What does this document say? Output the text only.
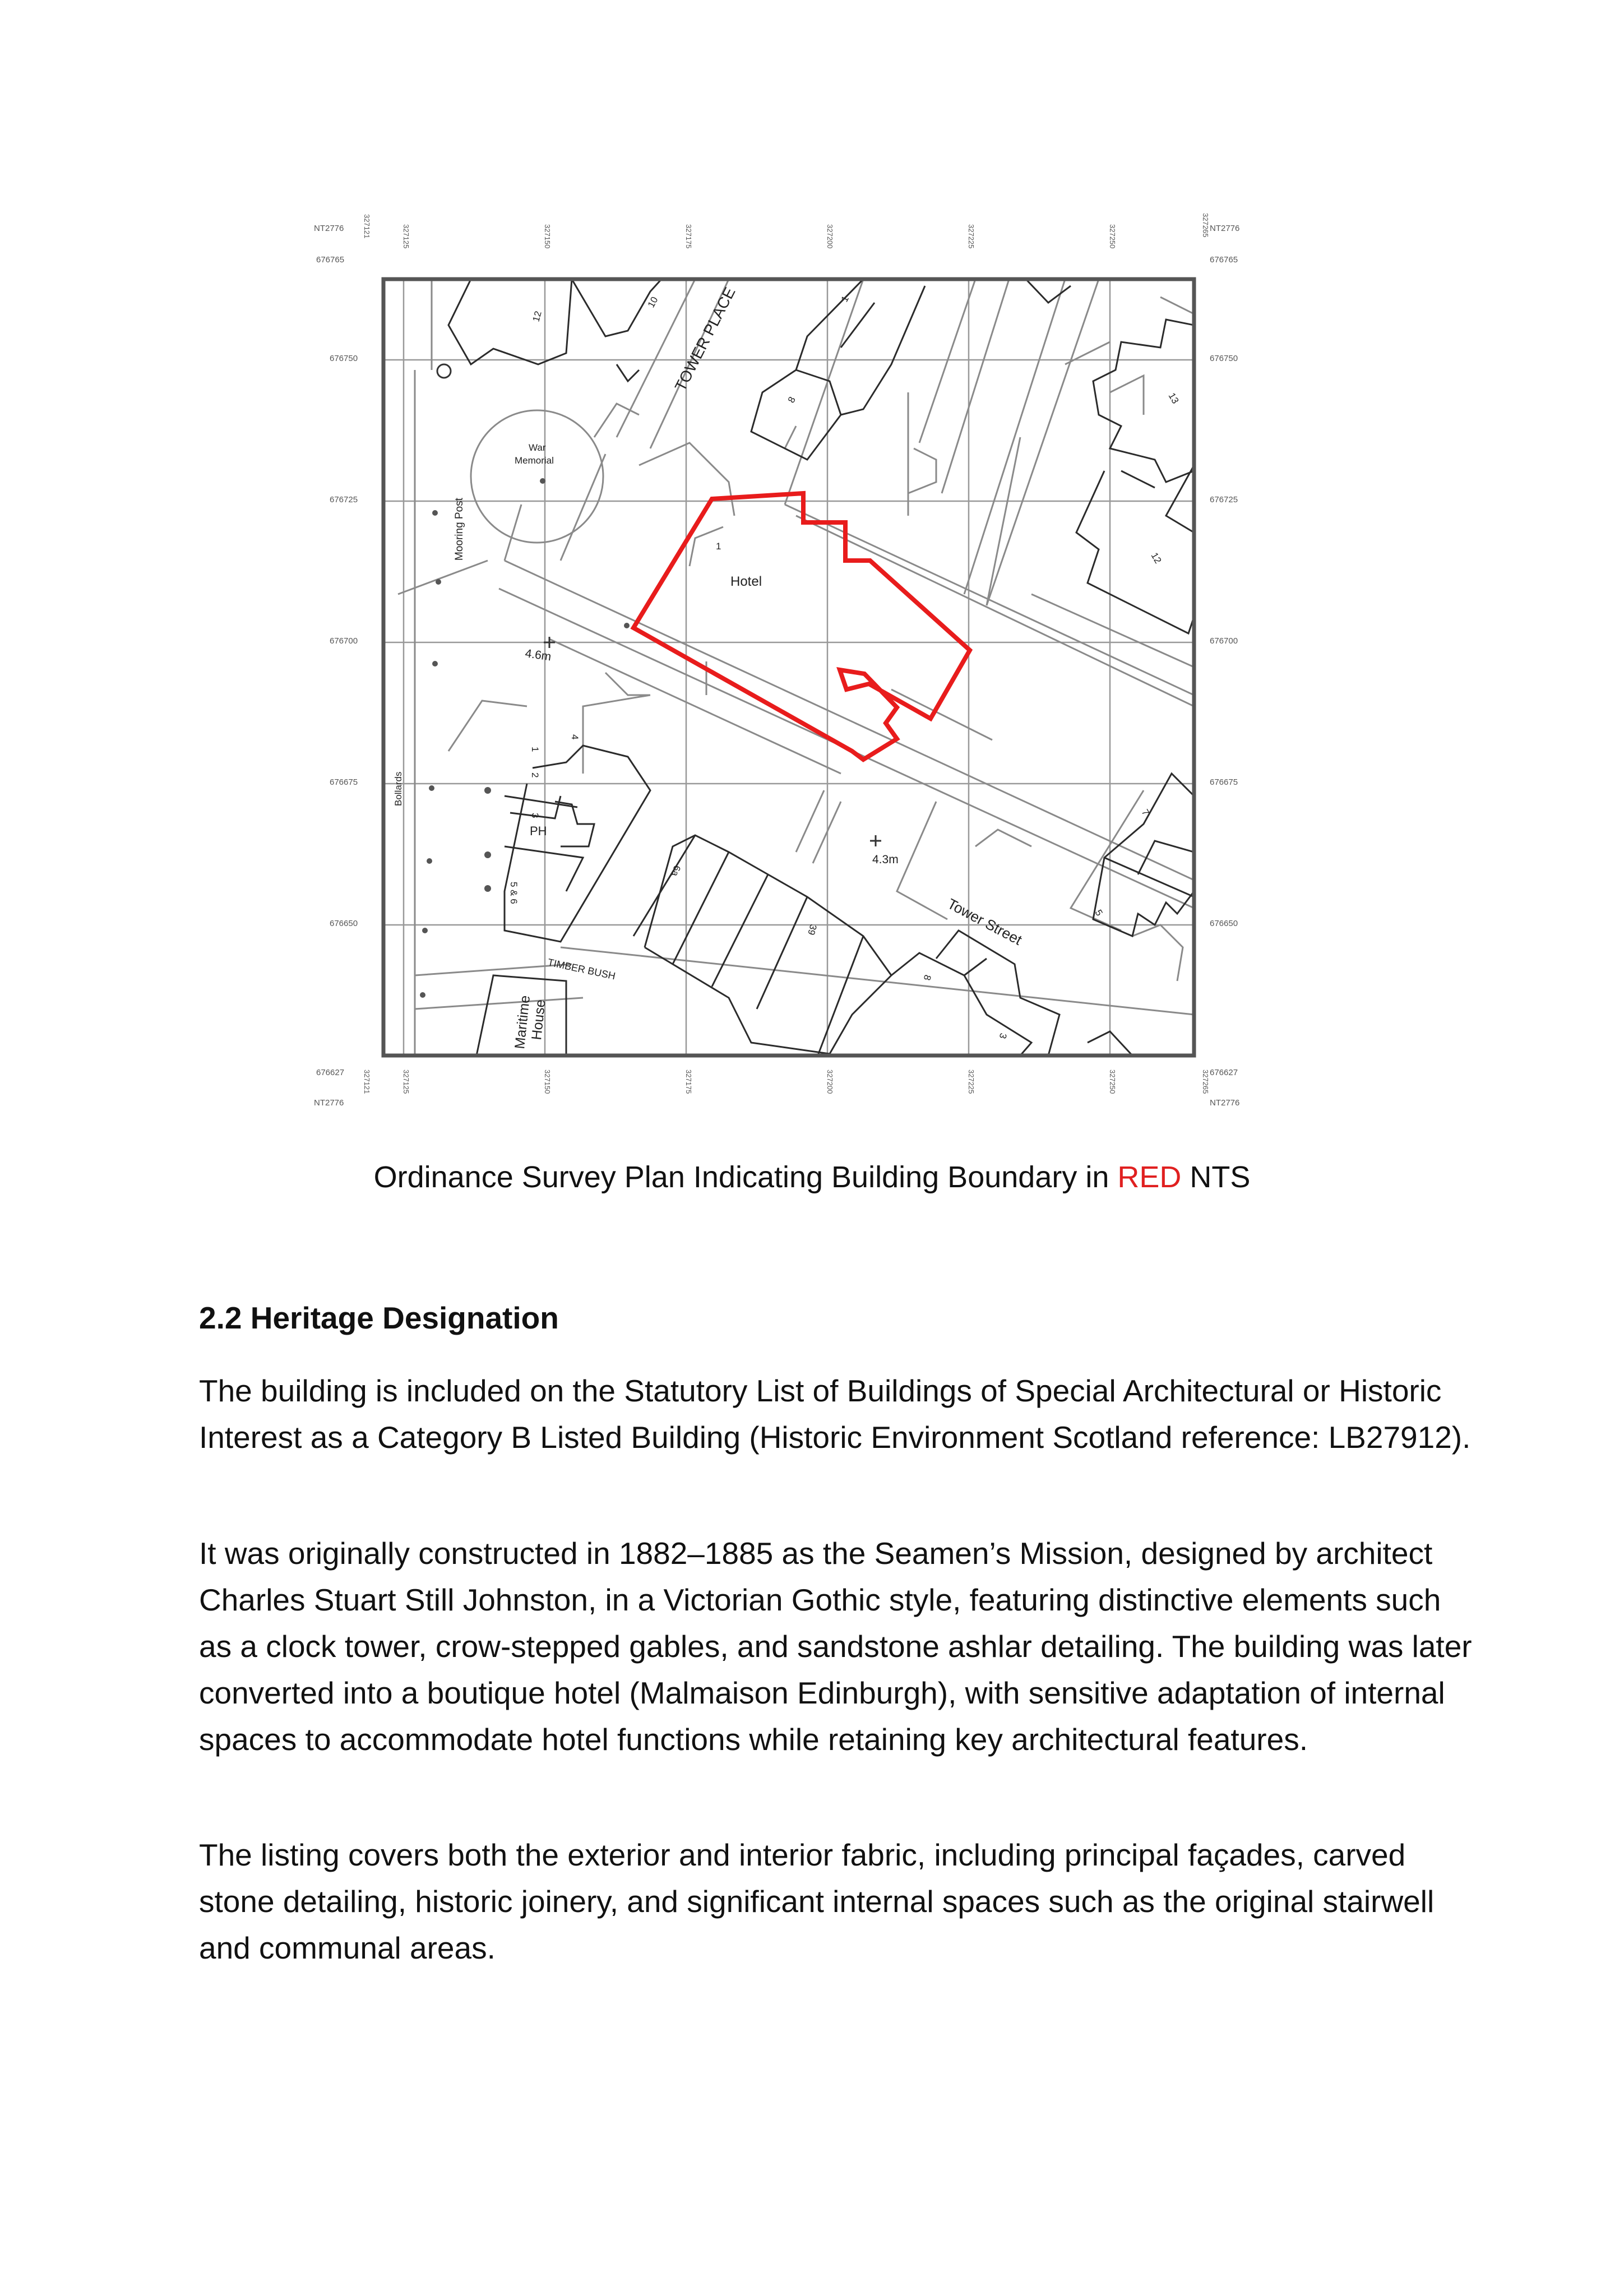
NT2776
676765
NT2776
676627
NT2776
676765
NT2776
676627
327121	327125	327150	327175	327200	327225	327250	327265
327121	327125	327150	327175	327200	327225	327250	327265
676750
676725
676700
676675
676650
676750
676725
676700
676675
676650
TOWER PLACE
War
Memorial
Mooring Post
Hotel
1
4.6m
4.3m
Bollards
PH
Tower Street
TIMBER BUSH
Maritime
House
12
10	1
8	13
12
7
5
5 & 6
3
2
1
4
6a
39
8
3
Ordinance Survey Plan Indicating Building Boundary in RED NTS
2.2 Heritage Designation

The building is included on the Statutory List of Buildings of Special Architectural or Historic Interest as a Category B Listed Building (Historic Environment Scotland reference: LB27912).

It was originally constructed in 1882–1885 as the Seamen’s Mission, designed by architect Charles Stuart Still Johnston, in a Victorian Gothic style, featuring distinctive elements such as a clock tower, crow-stepped gables, and sandstone ashlar detailing. The building was later converted into a boutique hotel (Malmaison Edinburgh), with sensitive adaptation of internal spaces to accommodate hotel functions while retaining key architectural features.

The listing covers both the exterior and interior fabric, including principal façades, carved stone detailing, historic joinery, and significant internal spaces such as the original stairwell and communal areas.
